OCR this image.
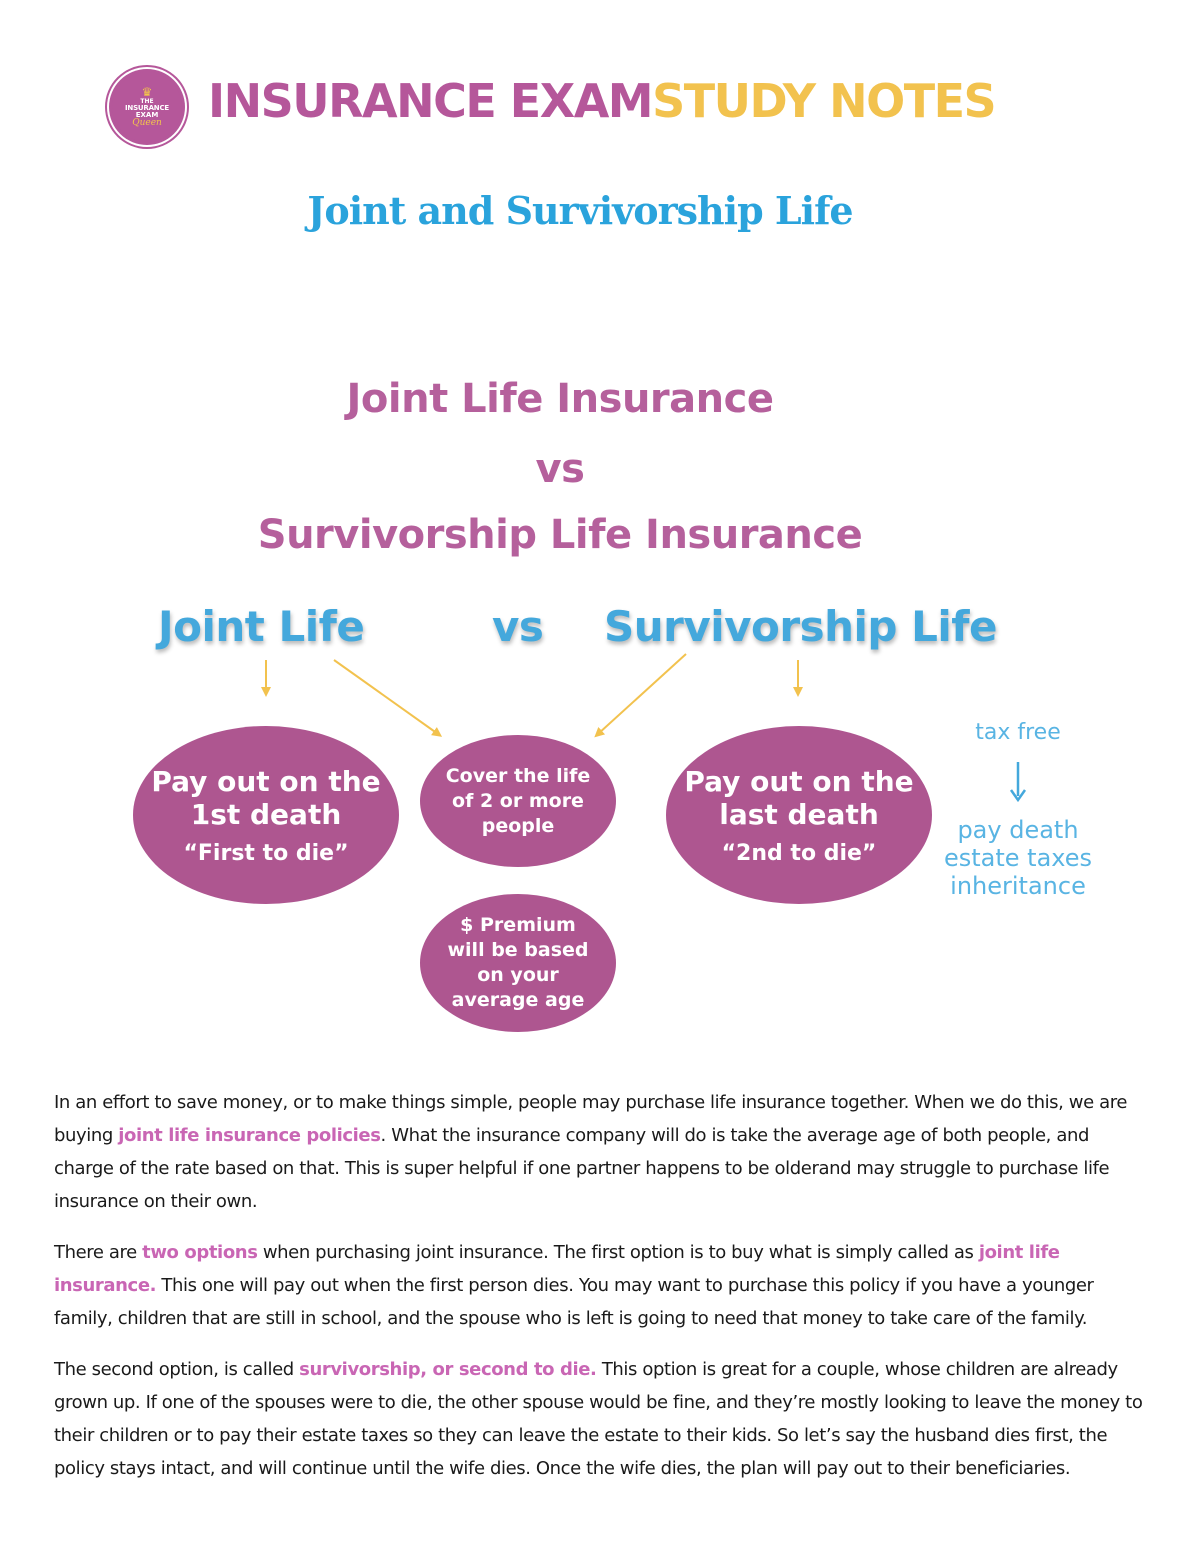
♛
THE
INSURANCE
EXAM
Queen INSURANCE EXAMSTUDY NOTES
Joint and Survivorship Life
Joint Life Insurance
vs
Survivorship Life Insurance
Joint Life	vs Survivorship Life
Pay out on the
1st death
“First to die”
Cover the life
of 2 or more
people
Pay out on the
last death
“2nd to die”
$ Premium
will be based
on your
average age
tax free
pay death
estate taxes
inheritance

In an effort to save money, or to make things simple, people may purchase life insurance together. When we do this, we are buying joint life insurance policies. What the insurance company will do is take the average age of both people, and charge of the rate based on that. This is super helpful if one partner happens to be olderand may struggle to purchase life insurance on their own.

There are two options when purchasing joint insurance. The first option is to buy what is simply called as joint life insurance. This one will pay out when the first person dies. You may want to purchase this policy if you have a younger family, children that are still in school, and the spouse who is left is going to need that money to take care of the family.

The second option, is called survivorship, or second to die. This option is great for a couple, whose children are already grown up. If one of the spouses were to die, the other spouse would be fine, and they’re mostly looking to leave the money to their children or to pay their estate taxes so they can leave the estate to their kids. So let’s say the husband dies first, the policy stays intact, and will continue until the wife dies. Once the wife dies, the plan will pay out to their beneficiaries.
